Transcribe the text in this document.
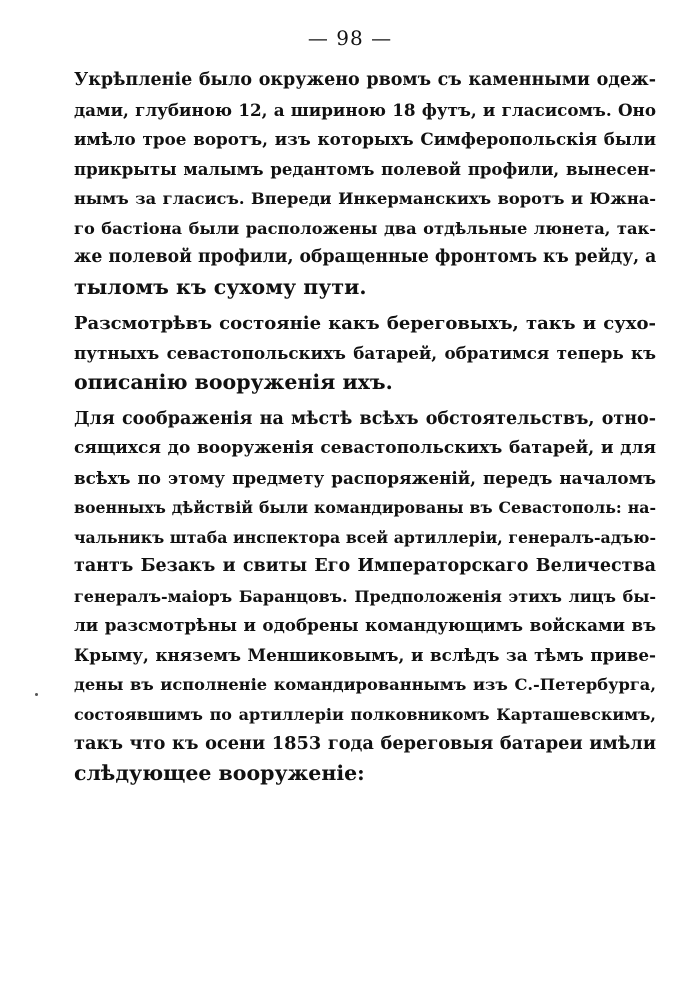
— 98 —
Укрѣпленіе было окружено рвомъ съ каменными одеж-
дами, глубиною 12, а шириною 18 футъ, и гласисомъ. Оно
имѣло трое воротъ, изъ которыхъ Симферопольскія были
прикрыты малымъ редантомъ полевой профили, вынесен-
нымъ за гласисъ. Впереди Инкерманскихъ воротъ и Южна-
го бастіона были расположены два отдѣльные люнета, так-
же полевой профили, обращенные фронтомъ къ рейду, а
тыломъ къ сухому пути.
Разсмотрѣвъ состояніе какъ береговыхъ, такъ и сухо-
путныхъ севастопольскихъ батарей, обратимся теперь къ
описанію вооруженія ихъ.
Для соображенія на мѣстѣ всѣхъ обстоятельствъ, отно-
сящихся до вооруженія севастопольскихъ батарей, и для
всѣхъ по этому предмету распоряженій, передъ началомъ
военныхъ дѣйствій были командированы въ Севастополь: на-
чальникъ штаба инспектора всей артиллеріи, генералъ-адъю-
тантъ Безакъ и свиты Его Императорскаго Величества
генералъ-маіоръ Баранцовъ. Предположенія этихъ лицъ бы-
ли разсмотрѣны и одобрены командующимъ войсками въ
Крыму, княземъ Меншиковымъ, и вслѣдъ за тѣмъ приве-
дены въ исполненіе командированнымъ изъ С.-Петербурга,
состоявшимъ по артиллеріи полковникомъ Карташевскимъ,
такъ что къ осени 1853 года береговыя батареи имѣли
слѣдующее вооруженіе:
